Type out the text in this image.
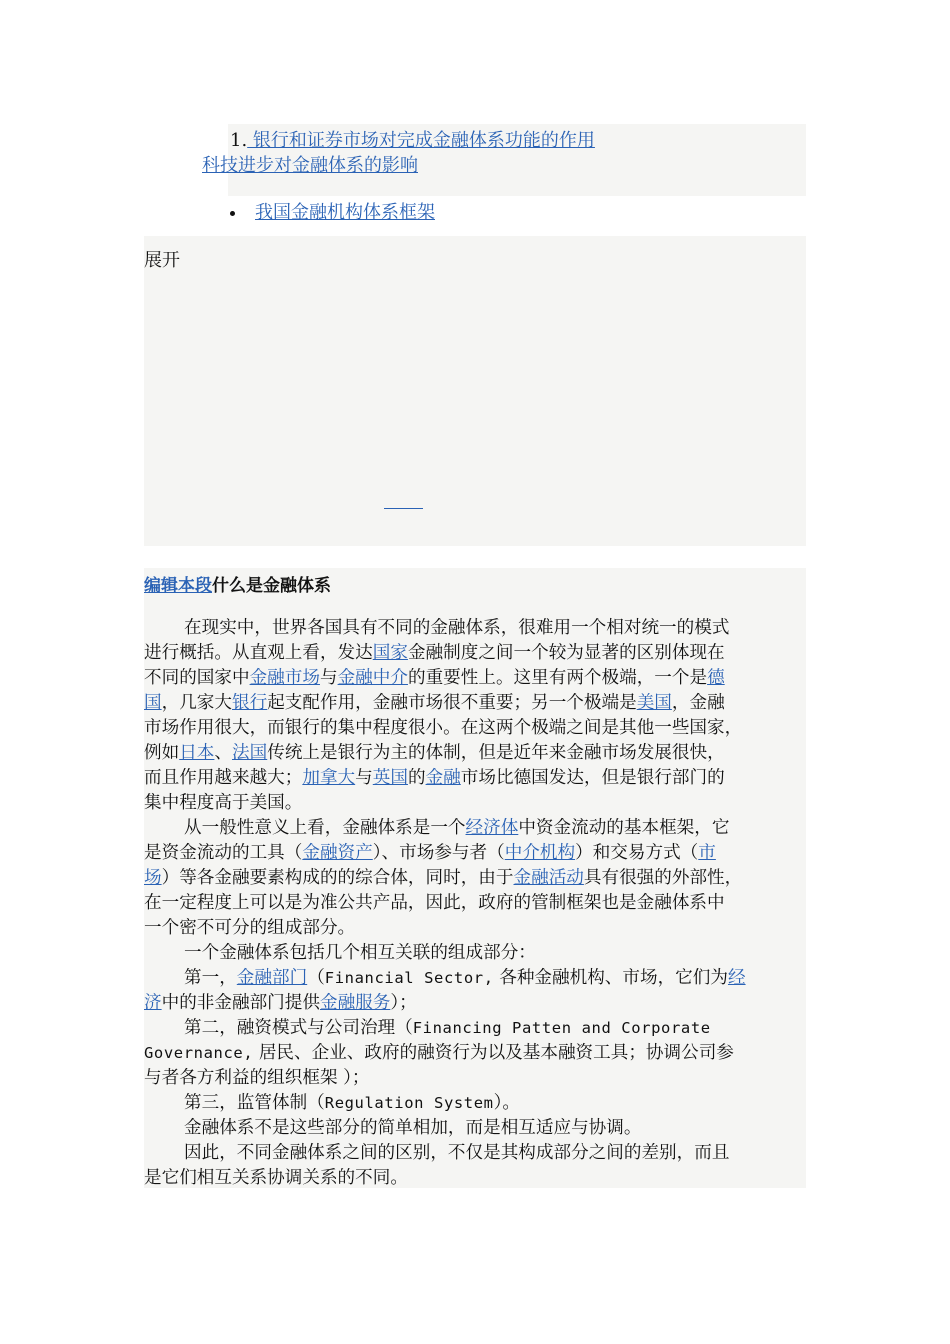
1. 银行和证券市场对完成金融体系功能的作用
科技进步对金融体系的影响
我国金融机构体系框架
展开
编辑本段什么是金融体系

在现实中，世界各国具有不同的金融体系，很难用一个相对统一的模式
进行概括。从直观上看，发达国家金融制度之间一个较为显著的区别体现在
不同的国家中金融市场与金融中介的重要性上。这里有两个极端，一个是德
国，几家大银行起支配作用，金融市场很不重要；另一个极端是美国，金融
市场作用很大，而银行的集中程度很小。在这两个极端之间是其他一些国家，
例如日本、法国传统上是银行为主的体制，但是近年来金融市场发展很快，
而且作用越来越大；加拿大与英国的金融市场比德国发达，但是银行部门的
集中程度高于美国。

从一般性意义上看，金融体系是一个经济体中资金流动的基本框架，它
是资金流动的工具（金融资产）、市场参与者（中介机构）和交易方式（市
场）等各金融要素构成的的综合体，同时，由于金融活动具有很强的外部性，
在一定程度上可以是为准公共产品，因此，政府的管制框架也是金融体系中
一个密不可分的组成部分。

一个金融体系包括几个相互关联的组成部分：

第一，金融部门（Financial Sector, 各种金融机构、市场，它们为经
济中的非金融部门提供金融服务）；

第二，融资模式与公司治理（Financing Patten and Corporate
Governance, 居民、企业、政府的融资行为以及基本融资工具；协调公司参
与者各方利益的组织框架 ）；

第三，监管体制（Regulation System）。

金融体系不是这些部分的简单相加，而是相互适应与协调。

因此，不同金融体系之间的区别，不仅是其构成部分之间的差别，而且
是它们相互关系协调关系的不同。
